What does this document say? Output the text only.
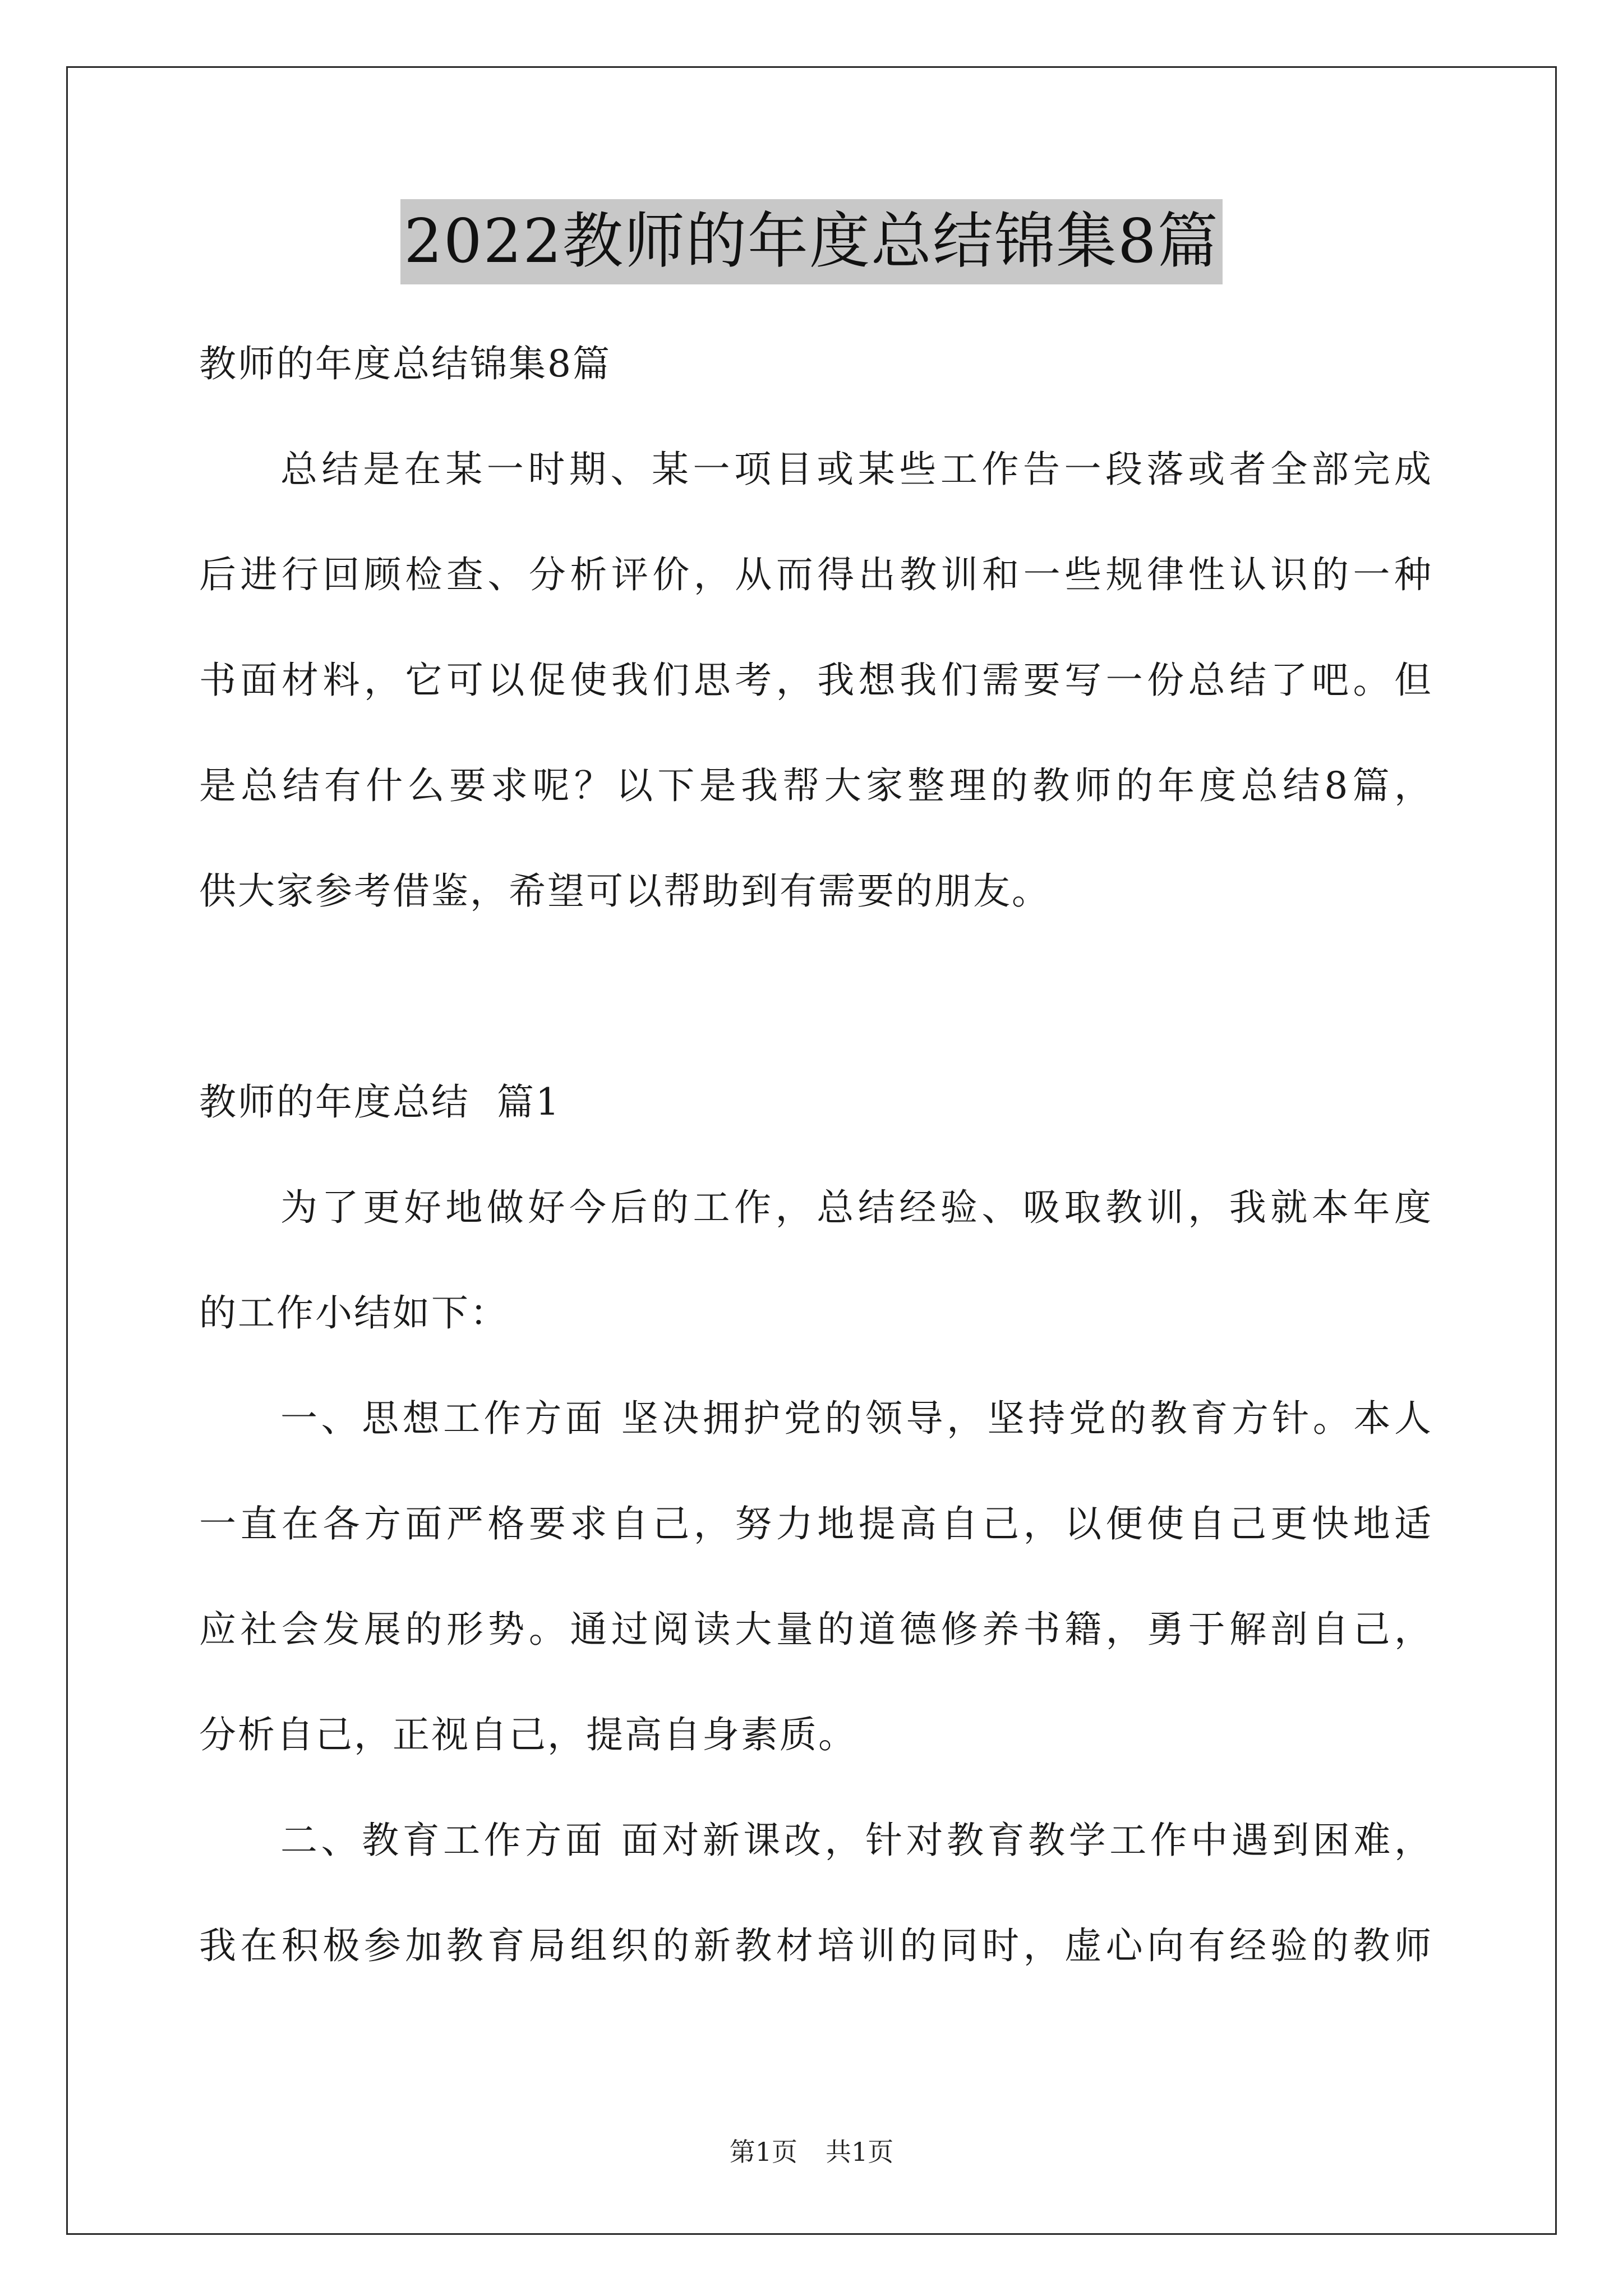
2022教师的年度总结锦集8篇
教师的年度总结锦集8篇
总结是在某一时期、某一项目或某些工作告一段落或者全部完成
后进行回顾检查、分析评价，从而得出教训和一些规律性认识的一种
书面材料，它可以促使我们思考，我想我们需要写一份总结了吧。但
是总结有什么要求呢？以下是我帮大家整理的教师的年度总结8篇，
供大家参考借鉴，希望可以帮助到有需要的朋友。
教师的年度总结  篇1
为了更好地做好今后的工作，总结经验、吸取教训，我就本年度
的工作小结如下：
一、思想工作方面 坚决拥护党的领导，坚持党的教育方针。本人
一直在各方面严格要求自己，努力地提高自己，以便使自己更快地适
应社会发展的形势。通过阅读大量的道德修养书籍，勇于解剖自己，
分析自己，正视自己，提高自身素质。
二、教育工作方面 面对新课改，针对教育教学工作中遇到困难，
我在积极参加教育局组织的新教材培训的同时，虚心向有经验的教师
第1页 共1页
